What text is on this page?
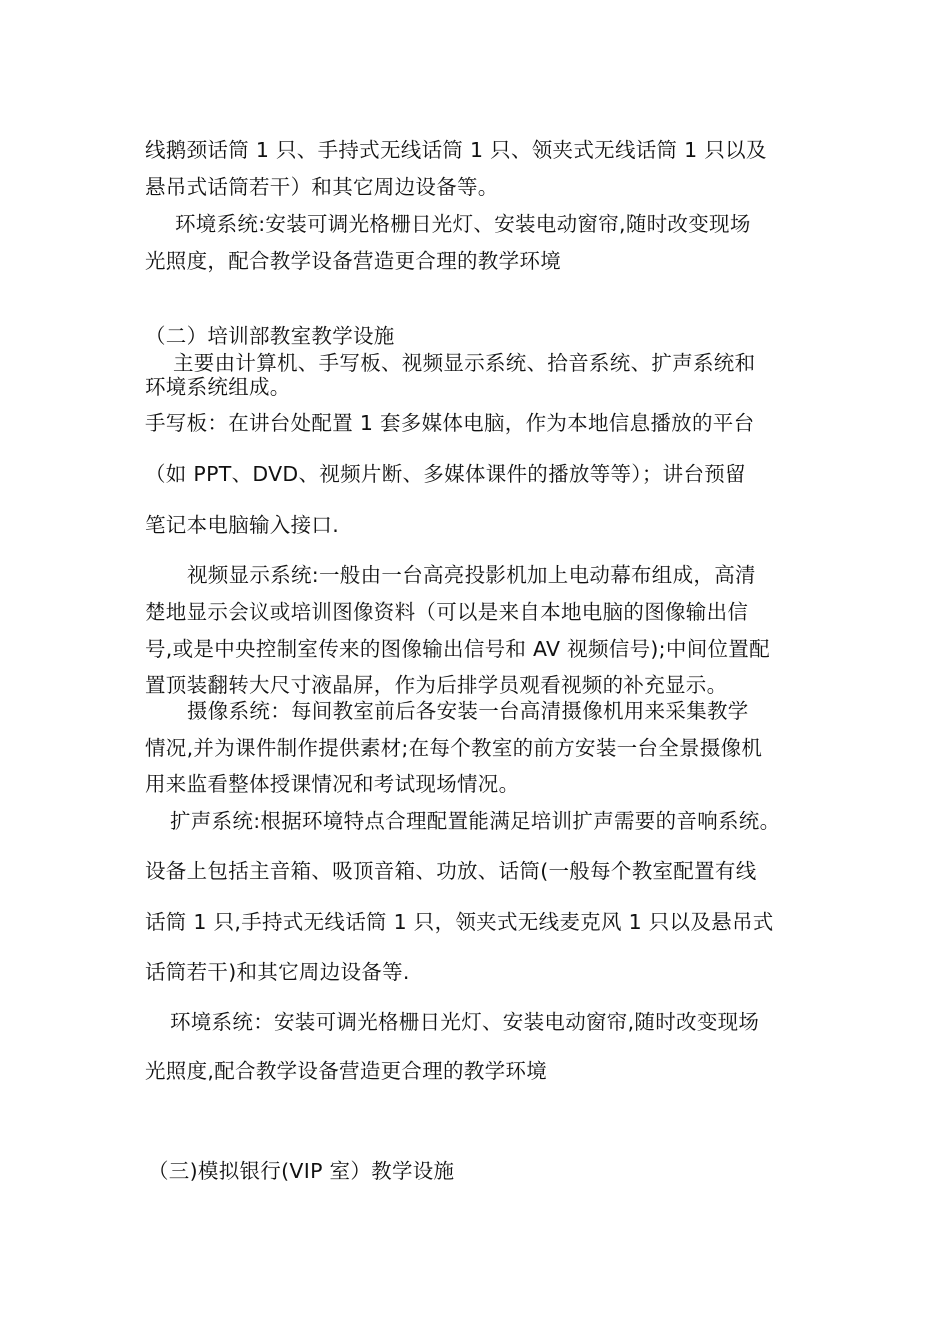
线鹅颈话筒 1 只、手持式无线话筒 1 只、领夹式无线话筒 1 只以及
悬吊式话筒若干）和其它周边设备等。
环境系统:安装可调光格栅日光灯、安装电动窗帘,随时改变现场
光照度，配合教学设备营造更合理的教学环境
（二）培训部教室教学设施
主要由计算机、手写板、视频显示系统、拾音系统、扩声系统和
环境系统组成。
手写板：在讲台处配置 1 套多媒体电脑，作为本地信息播放的平台
（如 PPT、DVD、视频片断、多媒体课件的播放等等）；讲台预留
笔记本电脑输入接口.
视频显示系统:一般由一台高亮投影机加上电动幕布组成，高清
楚地显示会议或培训图像资料（可以是来自本地电脑的图像输出信
号,或是中央控制室传来的图像输出信号和 AV 视频信号);中间位置配
置顶装翻转大尺寸液晶屏，作为后排学员观看视频的补充显示。
摄像系统：每间教室前后各安装一台高清摄像机用来采集教学
情况,并为课件制作提供素材;在每个教室的前方安装一台全景摄像机
用来监看整体授课情况和考试现场情况。
扩声系统:根据环境特点合理配置能满足培训扩声需要的音响系统。
设备上包括主音箱、吸顶音箱、功放、话筒(一般每个教室配置有线
话筒 1 只,手持式无线话筒 1 只，领夹式无线麦克风 1 只以及悬吊式
话筒若干)和其它周边设备等.
环境系统：安装可调光格栅日光灯、安装电动窗帘,随时改变现场
光照度,配合教学设备营造更合理的教学环境
（三)模拟银行(VIP 室）教学设施
